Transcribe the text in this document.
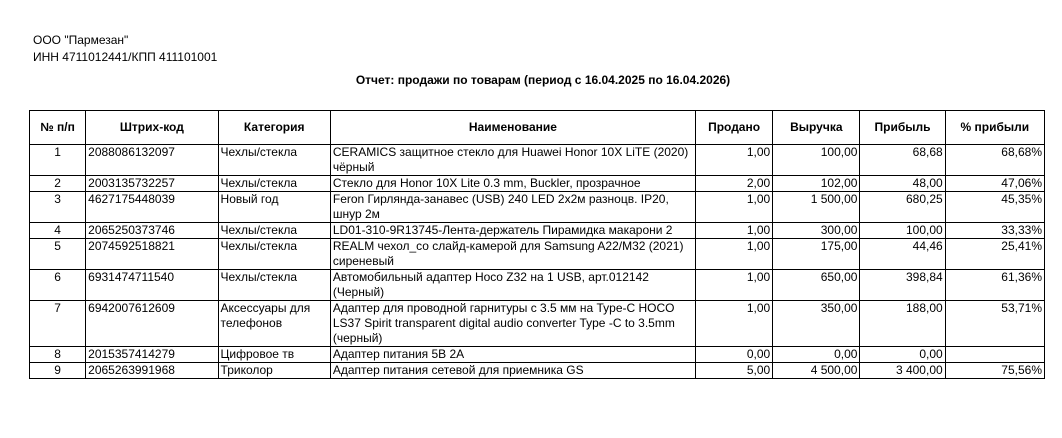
ООО "Пармезан"
ИНН 4711012441/КПП 411101001
Отчет: продажи по товарам (период с 16.04.2025 по 16.04.2026)
№ п/п	Штрих-код	Категория	Наименование	Продано	Выручка	Прибыль	% прибыли
1	2088086132097	Чехлы/стекла	CERAMICS защитное стекло для Huawei Honor 10X LiTE (2020) чёрный	1,00	100,00	68,68	68,68%
2	2003135732257	Чехлы/стекла	Стекло для Honor 10X Lite 0.3 mm, Buckler, прозрачное	2,00	102,00	48,00	47,06%
3	4627175448039	Новый год	Feron Гирлянда-занавес (USB) 240 LED 2х2м разноцв. IP20, шнур 2м	1,00	1 500,00	680,25	45,35%
4	2065250373746	Чехлы/стекла	LD01-310-9R13745-Лента-держатель Пирамидка макарони 2	1,00	300,00	100,00	33,33%
5	2074592518821	Чехлы/стекла	REALM чехол_со слайд-камерой для Samsung A22/M32 (2021) сиреневый	1,00	175,00	44,46	25,41%
6	6931474711540	Чехлы/стекла	Автомобильный адаптер Hoco Z32 на 1 USB, арт.012142 (Черный)	1,00	650,00	398,84	61,36%
7	6942007612609	Аксессуары для телефонов	Адаптер для проводной гарнитуры с 3.5 мм на Type-C HOCO LS37 Spirit transparent digital audio converter Type -C to 3.5mm (черный)	1,00	350,00	188,00	53,71%
8	2015357414279	Цифровое тв	Адаптер питания 5В 2А	0,00	0,00	0,00	
9	2065263991968	Триколор	Адаптер питания сетевой для приемника GS	5,00	4 500,00	3 400,00	75,56%
